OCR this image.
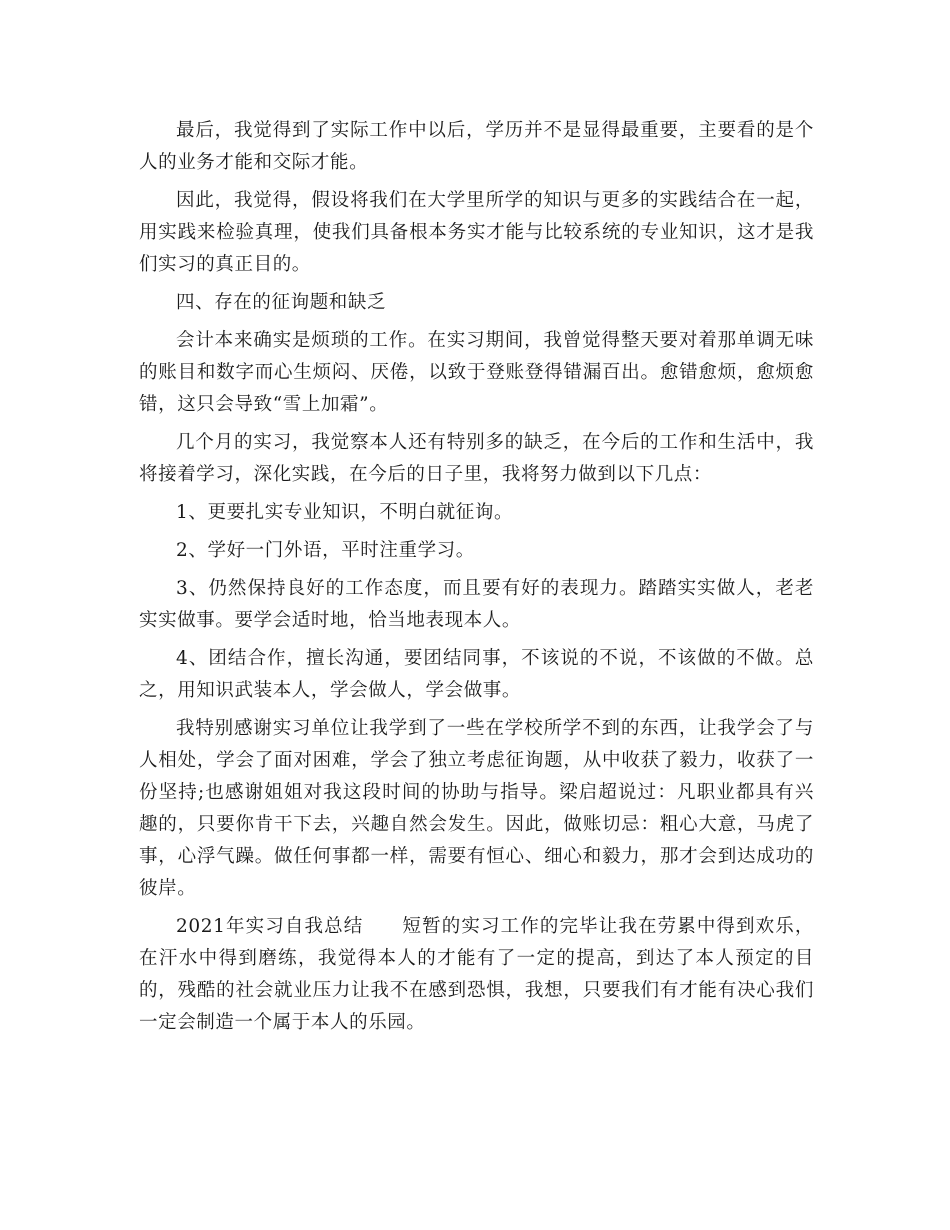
最后，我觉得到了实际工作中以后，学历并不是显得最重要，主要看的是个人的业务才能和交际才能。

因此，我觉得，假设将我们在大学里所学的知识与更多的实践结合在一起，用实践来检验真理，使我们具备根本务实才能与比较系统的专业知识，这才是我们实习的真正目的。

四、存在的征询题和缺乏

会计本来确实是烦琐的工作。在实习期间，我曾觉得整天要对着那单调无味的账目和数字而心生烦闷、厌倦，以致于登账登得错漏百出。愈错愈烦，愈烦愈错，这只会导致“雪上加霜”。

几个月的实习，我觉察本人还有特别多的缺乏，在今后的工作和生活中，我将接着学习，深化实践，在今后的日子里，我将努力做到以下几点：

1、更要扎实专业知识，不明白就征询。

2、学好一门外语，平时注重学习。

3、仍然保持良好的工作态度，而且要有好的表现力。踏踏实实做人，老老实实做事。要学会适时地，恰当地表现本人。

4、团结合作，擅长沟通，要团结同事，不该说的不说，不该做的不做。总之，用知识武装本人，学会做人，学会做事。

我特别感谢实习单位让我学到了一些在学校所学不到的东西，让我学会了与人相处，学会了面对困难，学会了独立考虑征询题，从中收获了毅力，收获了一份坚持;也感谢姐姐对我这段时间的协助与指导。梁启超说过：凡职业都具有兴趣的，只要你肯干下去，兴趣自然会发生。因此，做账切忌：粗心大意，马虎了事，心浮气躁。做任何事都一样，需要有恒心、细心和毅力，那才会到达成功的彼岸。

2021年实习自我总结　　短暂的实习工作的完毕让我在劳累中得到欢乐，在汗水中得到磨练，我觉得本人的才能有了一定的提高，到达了本人预定的目的，残酷的社会就业压力让我不在感到恐惧，我想，只要我们有才能有决心我们一定会制造一个属于本人的乐园。
